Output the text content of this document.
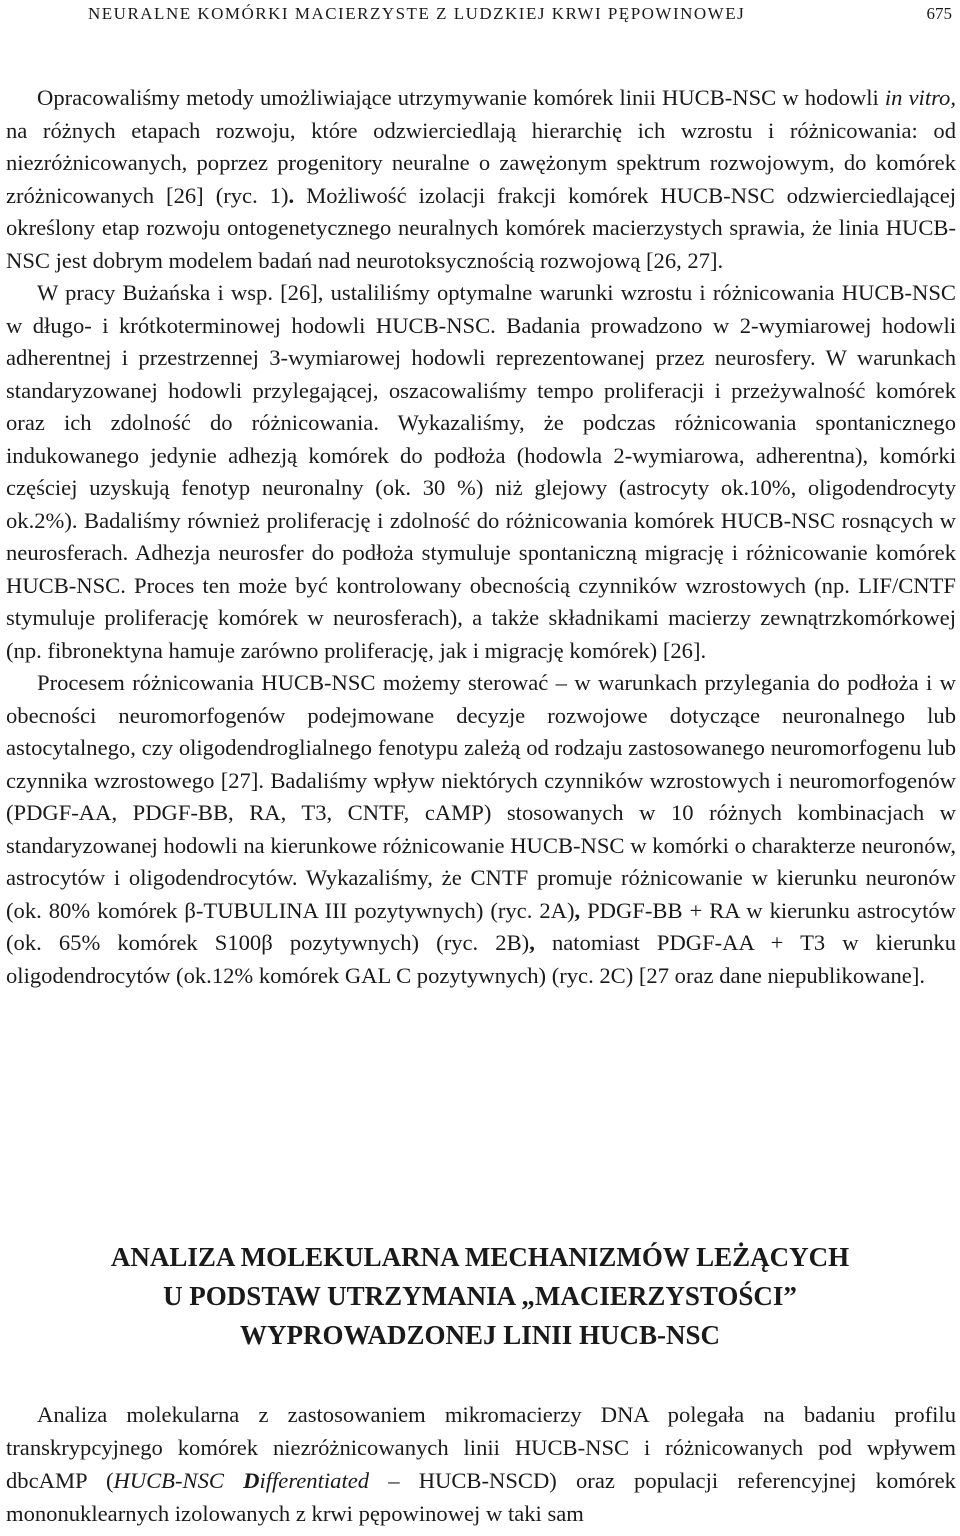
NEURALNE KOMÓRKI MACIERZYSTE Z LUDZKIEJ KRWI PĘPOWINOWEJ	675

Opracowaliśmy metody umożliwiające utrzymywanie komórek linii HUCB-NSC w hodowli in vitro, na różnych etapach rozwoju, które odzwierciedlają hierarchię ich wzrostu i różnicowania: od niezróżnicowanych, poprzez progenitory neuralne o zawężonym spektrum rozwojowym, do komórek zróżnicowanych [26] (ryc. 1). Możliwość izolacji frakcji komórek HUCB-NSC odzwierciedlającej określony etap rozwoju ontogenetycznego neuralnych komórek macierzystych sprawia, że linia HUCB-NSC jest dobrym modelem badań nad neurotoksycznością rozwojową [26, 27].

W pracy Bużańska i wsp. [26], ustaliliśmy optymalne warunki wzrostu i różnicowania HUCB-NSC w długo- i krótkoterminowej hodowli HUCB-NSC. Badania prowadzono w 2-wymiarowej hodowli adherentnej i przestrzennej 3-wymiarowej hodowli reprezentowanej przez neurosfery. W warunkach standaryzowanej hodowli przylegającej, oszacowaliśmy tempo proliferacji i przeżywalność komórek oraz ich zdolność do różnicowania. Wykazaliśmy, że podczas różnicowania spontanicznego indukowanego jedynie adhezją komórek do podłoża (hodowla 2-wymiarowa, adherentna), komórki częściej uzyskują fenotyp neuronalny (ok. 30 %) niż glejowy (astrocyty ok.10%, oligodendrocyty ok.2%). Badaliśmy również proliferację i zdolność do różnicowania komórek HUCB-NSC rosnących w neurosferach. Adhezja neurosfer do podłoża stymuluje spontaniczną migrację i różnicowanie komórek HUCB-NSC. Proces ten może być kontrolowany obecnością czynników wzrostowych (np. LIF/CNTF stymuluje proliferację komórek w neurosferach), a także składnikami macierzy zewnątrzkomórkowej (np. fibronektyna hamuje zarówno proliferację, jak i migrację komórek) [26].

Procesem różnicowania HUCB-NSC możemy sterować – w warunkach przylegania do podłoża i w obecności neuromorfogenów podejmowane decyzje rozwojowe dotyczące neuronalnego lub astocytalnego, czy oligodendroglialnego fenotypu zależą od rodzaju zastosowanego neuromorfogenu lub czynnika wzrostowego [27]. Badaliśmy wpływ niektórych czynników wzrostowych i neuromorfogenów (PDGF-AA, PDGF-BB, RA, T3, CNTF, cAMP) stosowanych w 10 różnych kombinacjach w standaryzowanej hodowli na kierunkowe różnicowanie HUCB-NSC w komórki o charakterze neuronów, astrocytów i oligodendrocytów. Wykazaliśmy, że CNTF promuje różnicowanie w kierunku neuronów (ok. 80% komórek β-TUBULINA III pozytywnych) (ryc. 2A), PDGF-BB + RA w kierunku astrocytów (ok. 65% komórek S100β pozytywnych) (ryc. 2B), natomiast PDGF-AA + T3 w kierunku oligodendrocytów (ok.12% komórek GAL C pozytywnych) (ryc. 2C) [27 oraz dane niepublikowane].

ANALIZA MOLEKULARNA MECHANIZMÓW LEŻĄCYCH
U PODSTAW UTRZYMANIA „MACIERZYSTOŚCI”
WYPROWADZONEJ LINII HUCB-NSC

Analiza molekularna z zastosowaniem mikromacierzy DNA polegała na badaniu profilu transkrypcyjnego komórek niezróżnicowanych linii HUCB-NSC i różnicowanych pod wpływem dbcAMP (HUCB-NSC Differentiated – HUCB-NSCD) oraz populacji referencyjnej komórek mononuklearnych izolowanych z krwi pępowinowej w taki sam
